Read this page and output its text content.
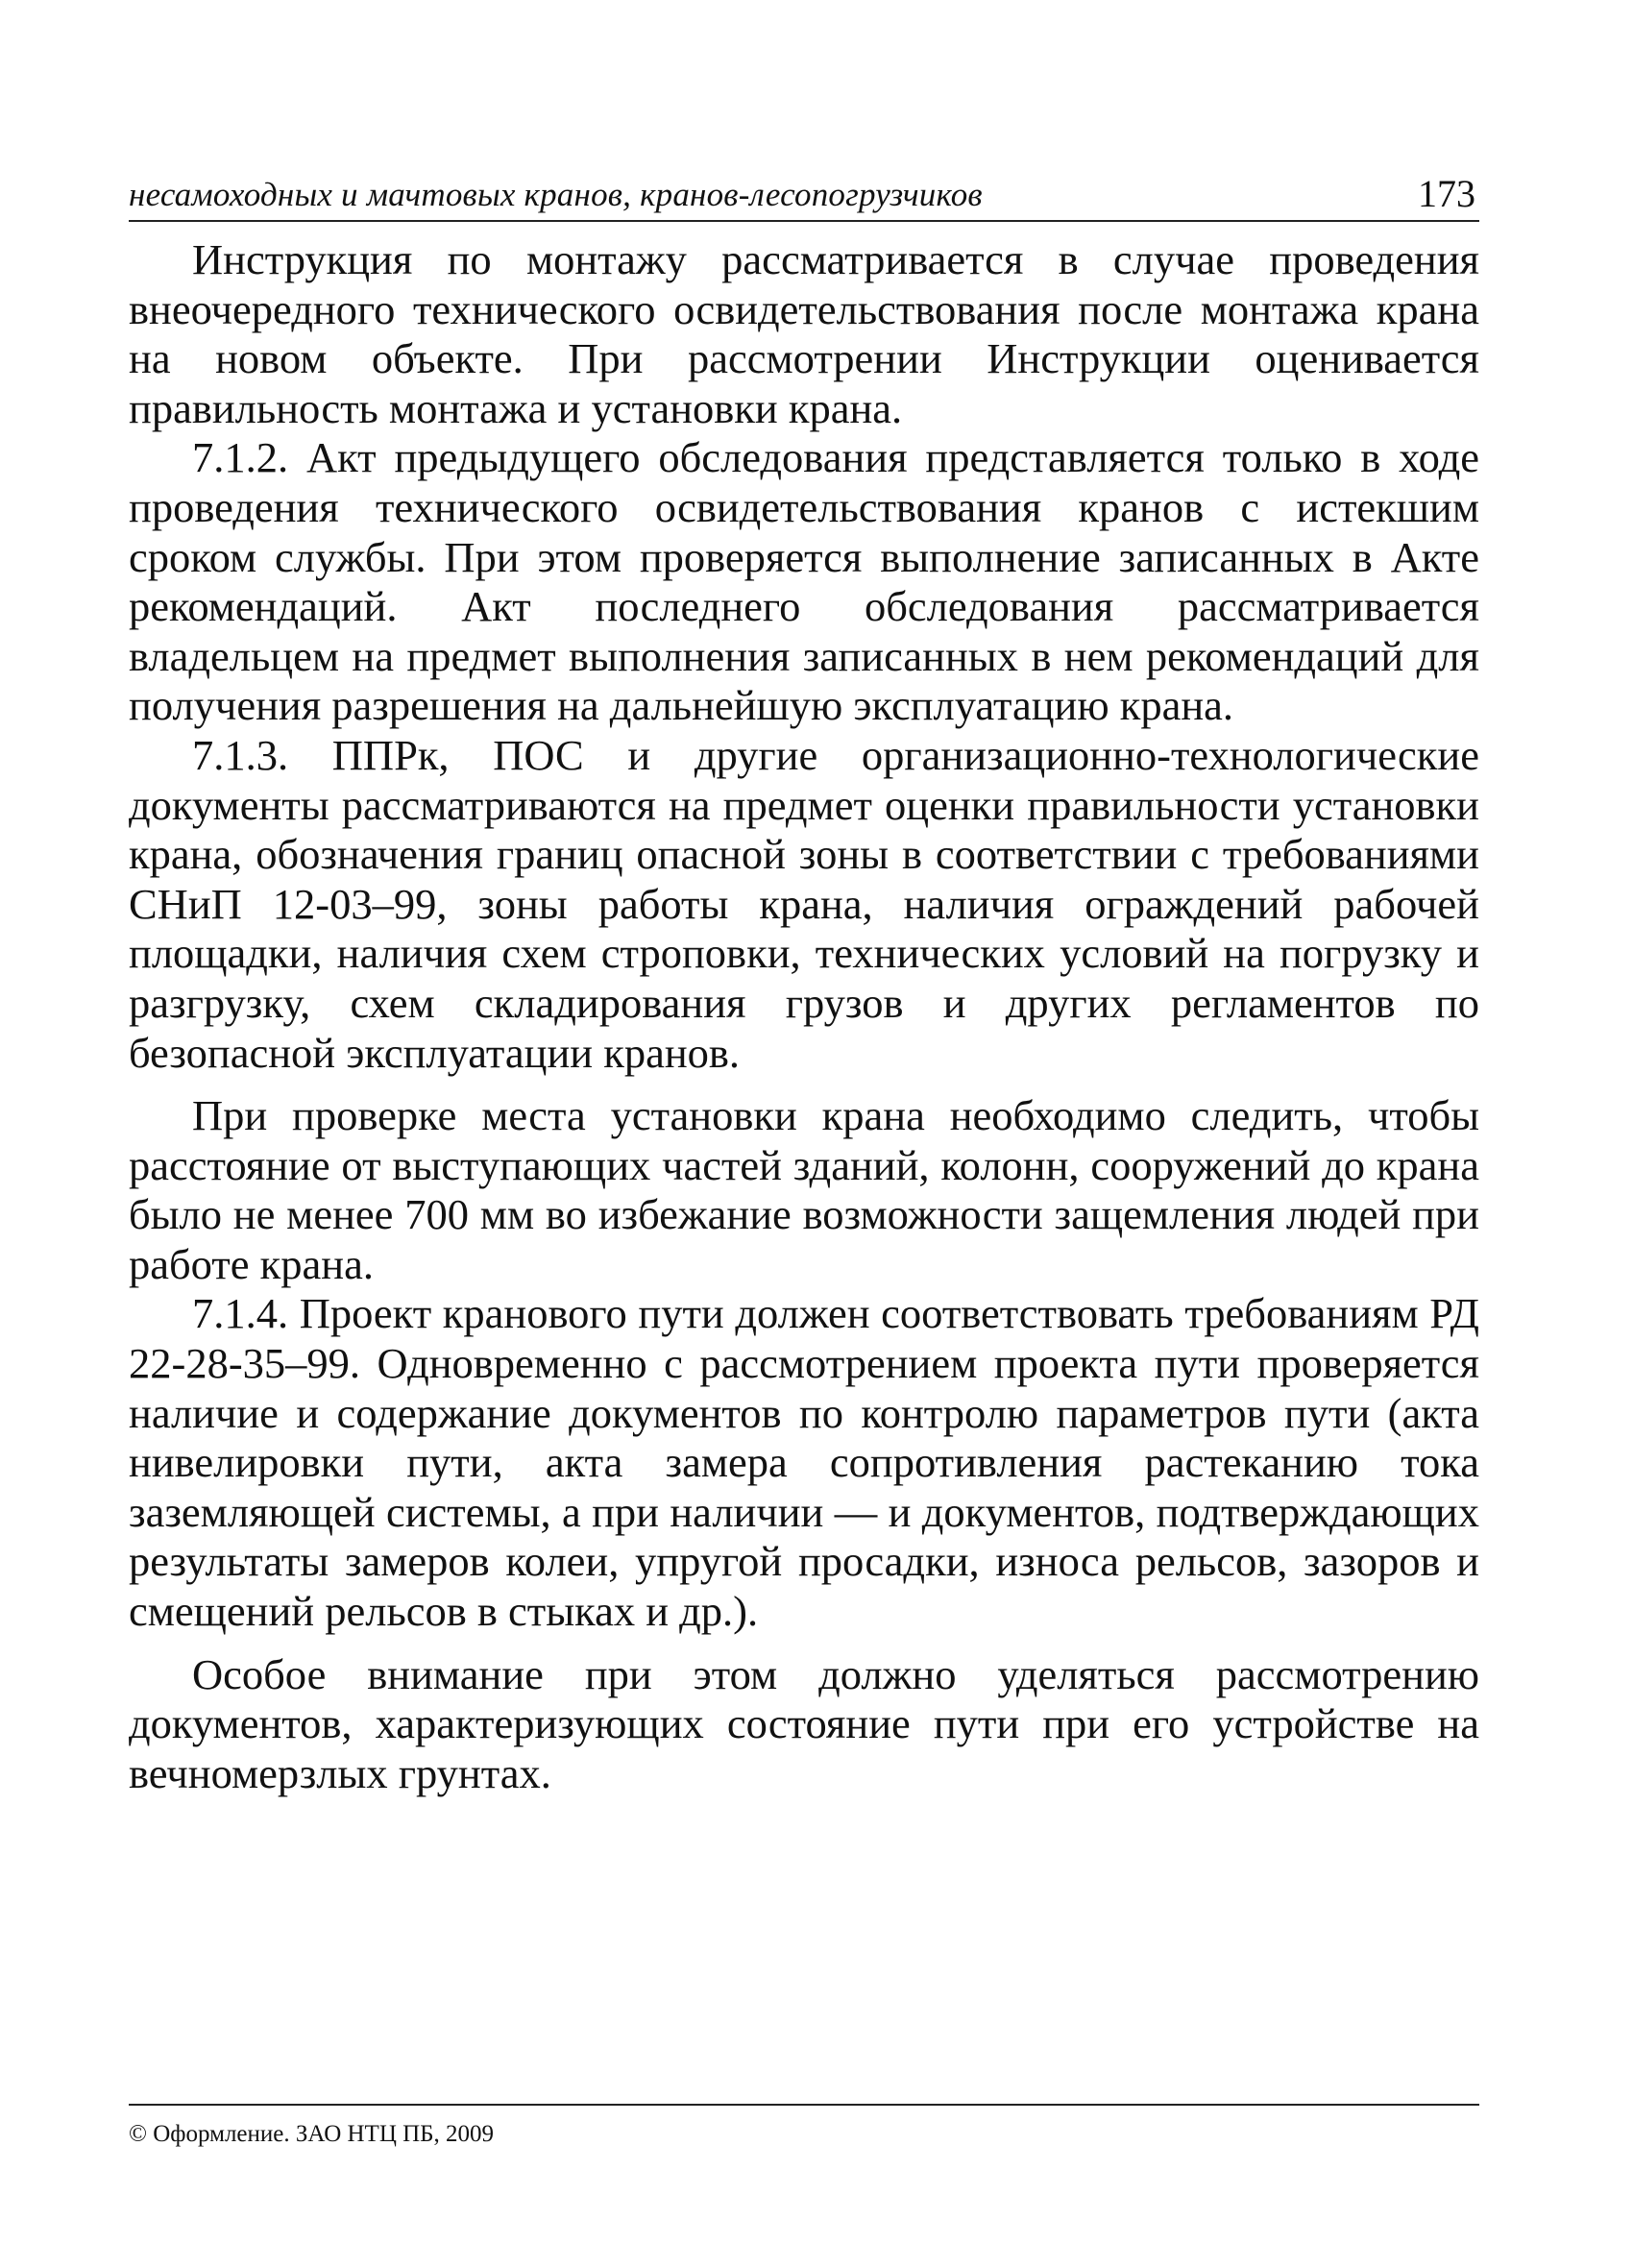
несамоходных и мачтовых кранов, кранов-лесопогрузчиков	173

Инструкция по монтажу рассматривается в случае проведения внеочередного технического освидетельствования после монтажа крана на новом объекте. При рассмотрении Инструкции оценивается правильность монтажа и установки крана.

7.1.2. Акт предыдущего обследования представляется только в ходе проведения технического освидетельствования кранов с истекшим сроком службы. При этом проверяется выполнение записанных в Акте рекомендаций. Акт последнего обследования рассматривается владельцем на предмет выполнения записанных в нем рекомендаций для получения разрешения на дальнейшую эксплуатацию крана.

7.1.3. ППРк, ПОС и другие организационно-технологические документы рассматриваются на предмет оценки правильности установки крана, обозначения границ опасной зоны в соответствии с требованиями СНиП 12-03–99, зоны работы крана, наличия ограждений рабочей площадки, наличия схем строповки, технических условий на погрузку и разгрузку, схем складирования грузов и других регламентов по безопасной эксплуатации кранов.

При проверке места установки крана необходимо следить, чтобы расстояние от выступающих частей зданий, колонн, сооружений до крана было не менее 700 мм во избежание возможности защемления людей при работе крана.

7.1.4. Проект кранового пути должен соответствовать требованиям РД 22-28-35–99. Одновременно с рассмотрением проекта пути проверяется наличие и содержание документов по контролю параметров пути (акта нивелировки пути, акта замера сопротивления растеканию тока заземляющей системы, а при наличии — и документов, подтверждающих результаты замеров колеи, упругой просадки, износа рельсов, зазоров и смещений рельсов в стыках и др.).

Особое внимание при этом должно уделяться рассмотрению документов, характеризующих состояние пути при его устройстве на вечномерзлых грунтах.

© Оформление. ЗАО НТЦ ПБ, 2009
